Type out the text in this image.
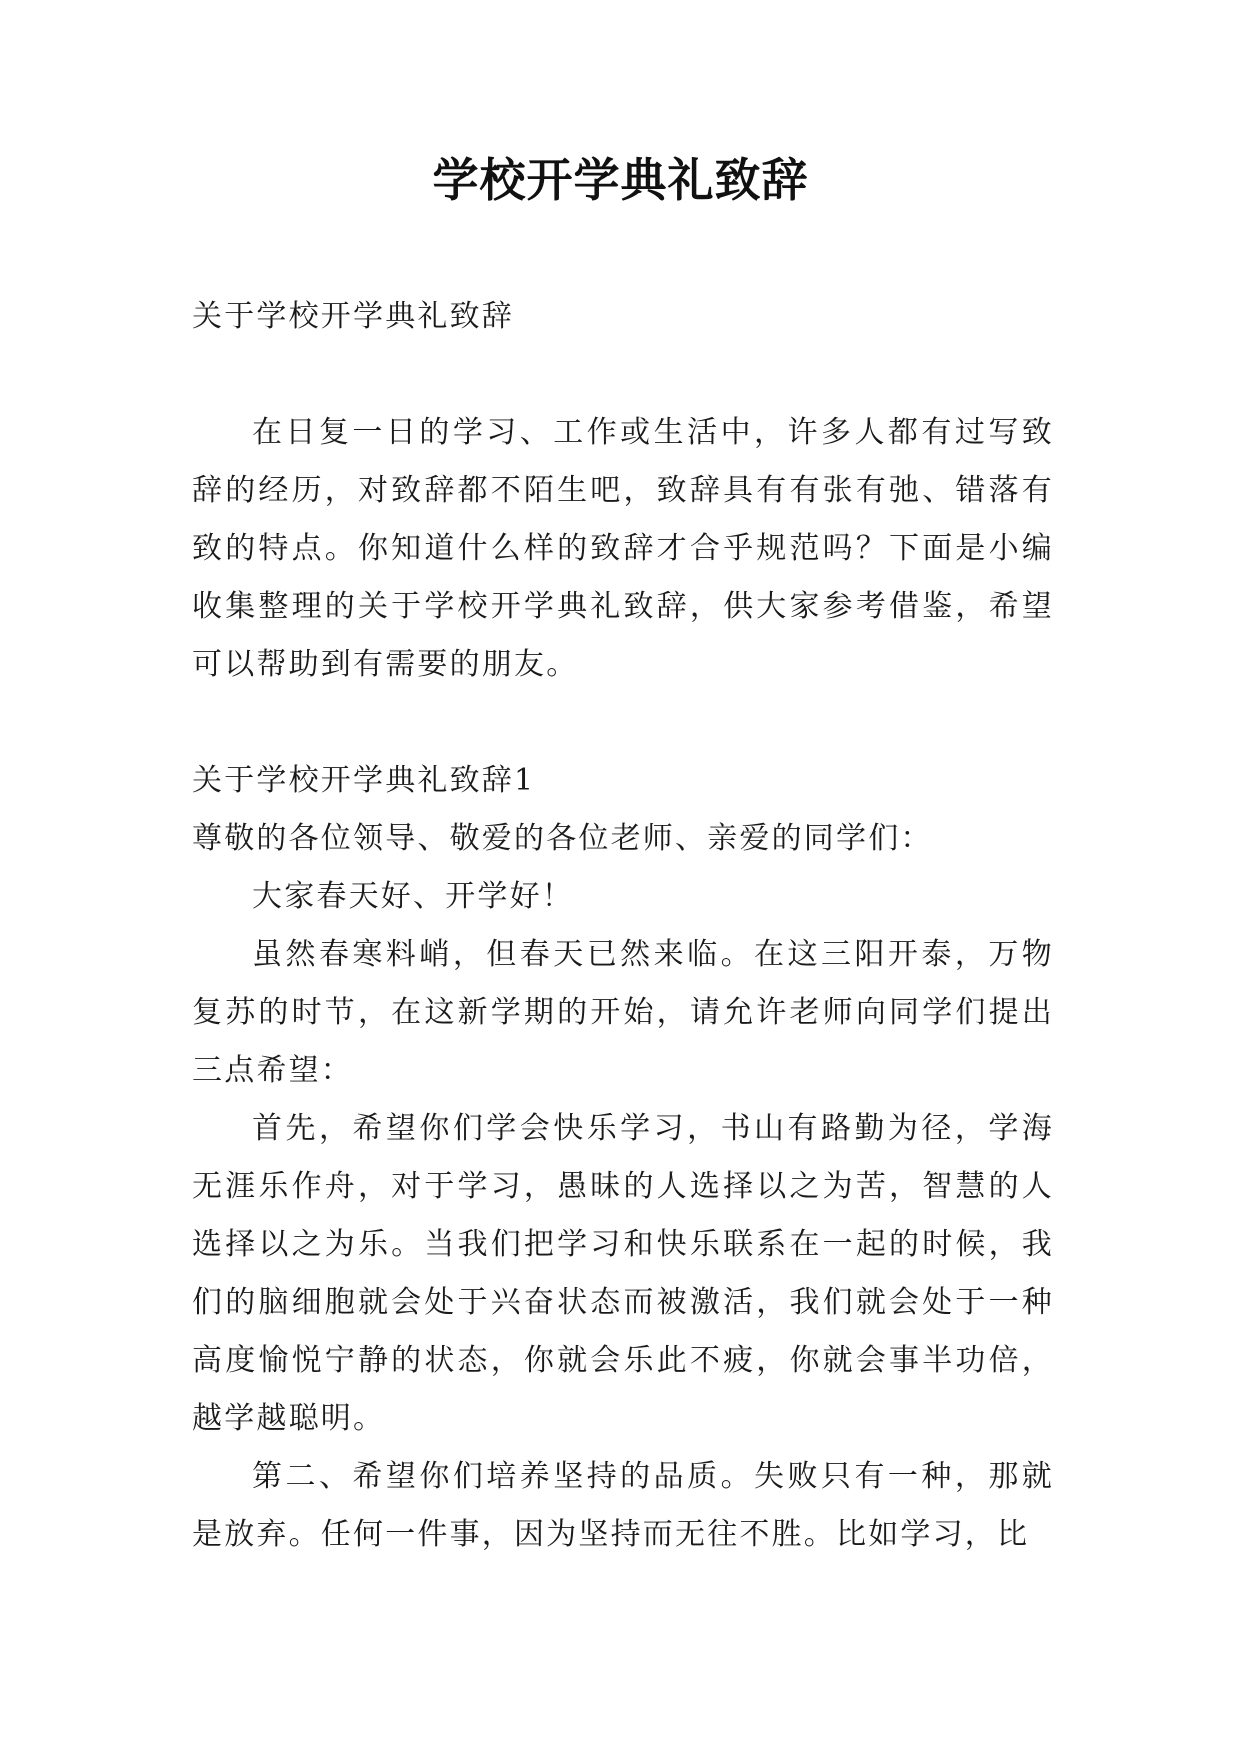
学校开学典礼致辞

关于学校开学典礼致辞

在日复一日的学习、工作或生活中，许多人都有过写致辞的经历，对致辞都不陌生吧，致辞具有有张有弛、错落有致的特点。你知道什么样的致辞才合乎规范吗？下面是小编收集整理的关于学校开学典礼致辞，供大家参考借鉴，希望可以帮助到有需要的朋友。

关于学校开学典礼致辞1

尊敬的各位领导、敬爱的各位老师、亲爱的同学们：

大家春天好、开学好！

虽然春寒料峭，但春天已然来临。在这三阳开泰，万物复苏的时节，在这新学期的开始，请允许老师向同学们提出三点希望：

首先，希望你们学会快乐学习，书山有路勤为径，学海无涯乐作舟，对于学习，愚昧的人选择以之为苦，智慧的人选择以之为乐。当我们把学习和快乐联系在一起的时候，我们的脑细胞就会处于兴奋状态而被激活，我们就会处于一种高度愉悦宁静的状态，你就会乐此不疲，你就会事半功倍，越学越聪明。

第二、希望你们培养坚持的品质。失败只有一种，那就是放弃。任何一件事，因为坚持而无往不胜。比如学习，比
